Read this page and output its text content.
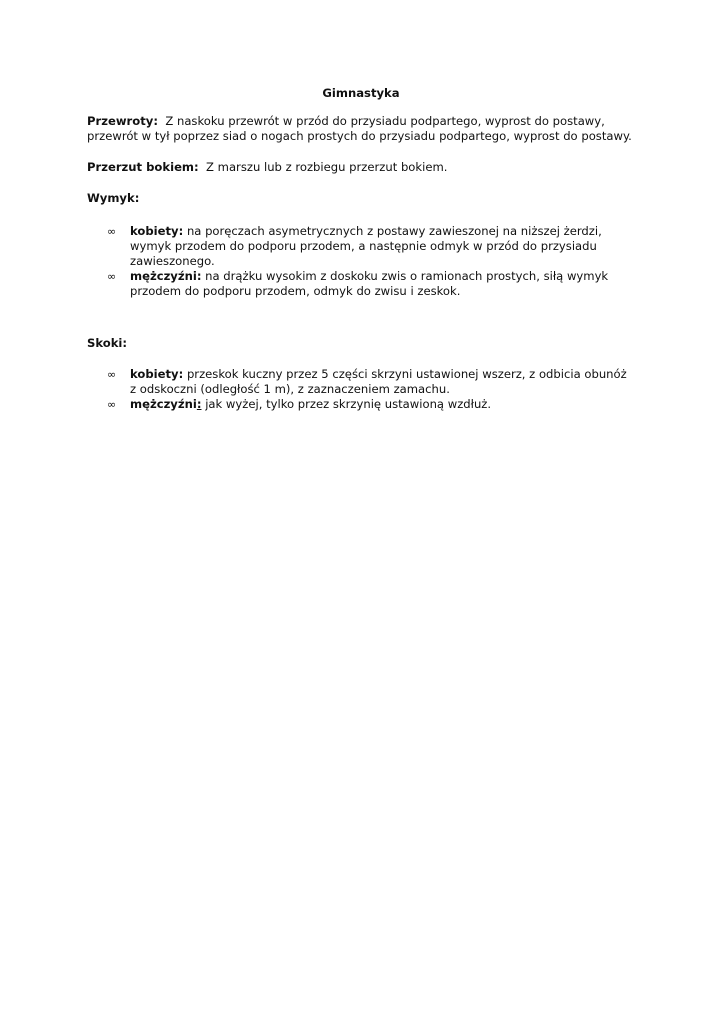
Gimnastyka

Przewroty: Z naskoku przewrót w przód do przysiadu podpartego, wyprost do postawy, przewrót w tył poprzez siad o nogach prostych do przysiadu podpartego, wyprost do postawy.

Przerzut bokiem: Z marszu lub z rozbiegu przerzut bokiem.

Wymyk:
∞ kobiety: na poręczach asymetrycznych z postawy zawieszonej na niższej żerdzi, wymyk przodem do podporu przodem, a następnie odmyk w przód do przysiadu zawieszonego.
∞ mężczyźni: na drążku wysokim z doskoku zwis o ramionach prostych, siłą wymyk przodem do podporu przodem, odmyk do zwisu i zeskok.
Skoki:
∞ kobiety: przeskok kuczny przez 5 części skrzyni ustawionej wszerz, z odbicia obunóż
z odskoczni (odległość 1 m), z zaznaczeniem zamachu.
∞ mężczyźni: jak wyżej, tylko przez skrzynię ustawioną wzdłuż.
